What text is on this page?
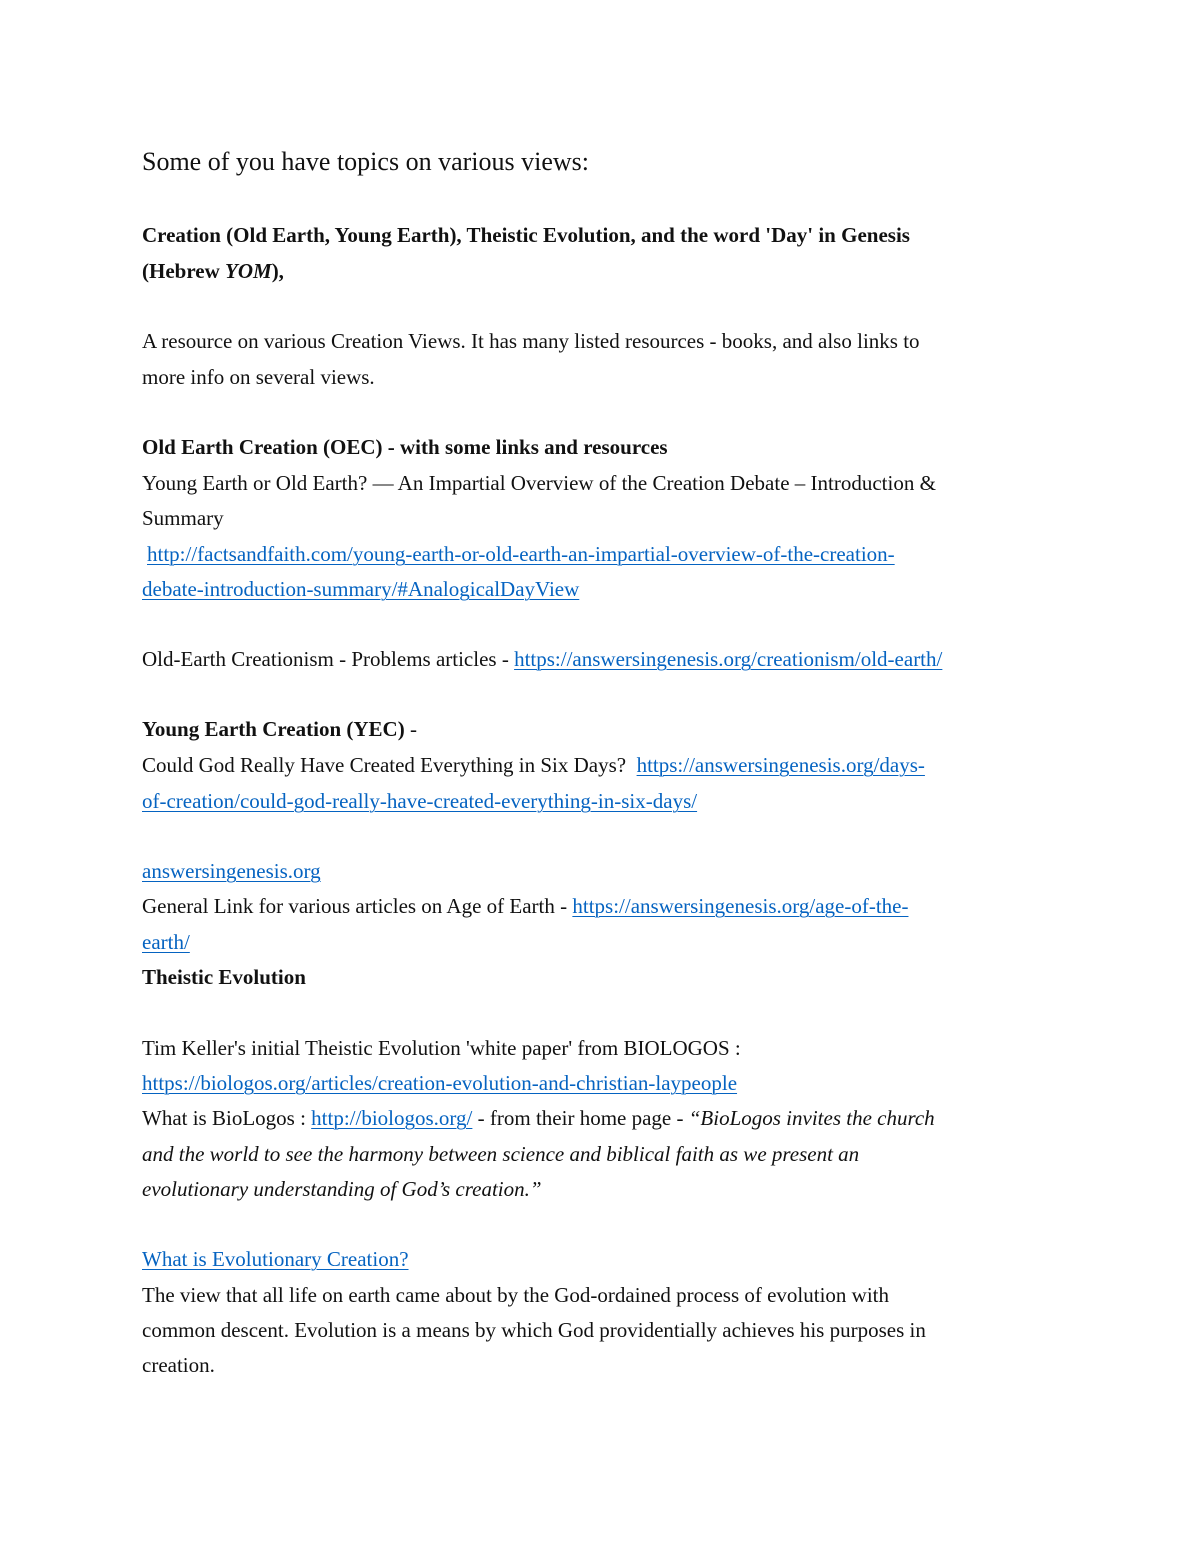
Some of you have topics on various views:
Creation (Old Earth, Young Earth), Theistic Evolution, and the word 'Day' in Genesis
(Hebrew YOM),
A resource on various Creation Views. It has many listed resources - books, and also links to
more info on several views.
Old Earth Creation (OEC) - with some links and resources
Young Earth or Old Earth? — An Impartial Overview of the Creation Debate – Introduction &
Summary
http://factsandfaith.com/young-earth-or-old-earth-an-impartial-overview-of-the-creation-
debate-introduction-summary/#AnalogicalDayView
Old-Earth Creationism - Problems articles - https://answersingenesis.org/creationism/old-earth/
Young Earth Creation (YEC) -
Could God Really Have Created Everything in Six Days?  https://answersingenesis.org/days-
of-creation/could-god-really-have-created-everything-in-six-days/
answersingenesis.org
General Link for various articles on Age of Earth - https://answersingenesis.org/age-of-the-
earth/
Theistic Evolution
Tim Keller's initial Theistic Evolution 'white paper' from BIOLOGOS :
https://biologos.org/articles/creation-evolution-and-christian-laypeople
What is BioLogos : http://biologos.org/ - from their home page - “BioLogos invites the church
and the world to see the harmony between science and biblical faith as we present an
evolutionary understanding of God’s creation.”
What is Evolutionary Creation?
The view that all life on earth came about by the God-ordained process of evolution with
common descent. Evolution is a means by which God providentially achieves his purposes in
creation.
